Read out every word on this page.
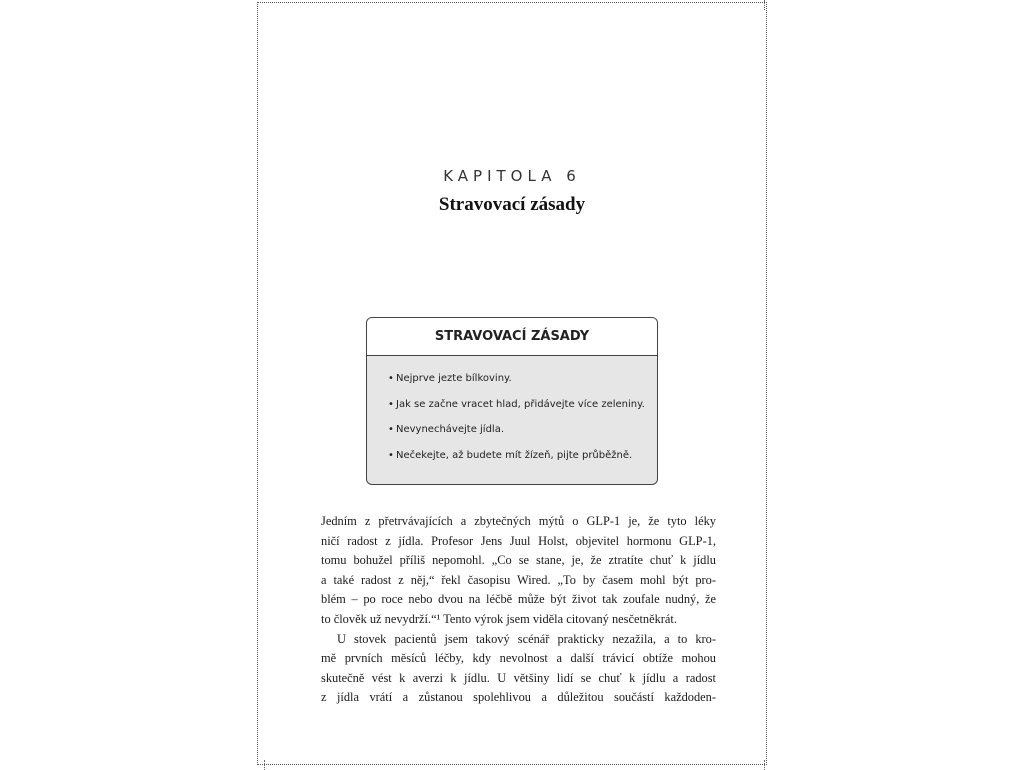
KAPITOLA 6
Stravovací zásady
STRAVOVACÍ ZÁSADY
• Nejprve jezte bílkoviny.
• Jak se začne vracet hlad, přidávejte více zeleniny.
• Nevynechávejte jídla.
• Nečekejte, až budete mít žízeň, pijte průběžně.
Jedním z přetrvávajících a zbytečných mýtů o GLP-1 je, že tyto léky
ničí radost z jídla. Profesor Jens Juul Holst, objevitel hormonu GLP-1,
tomu bohužel příliš nepomohl. „Co se stane, je, že ztratíte chuť k jídlu
a také radost z něj,“ řekl časopisu Wired. „To by časem mohl být pro-
blém – po roce nebo dvou na léčbě může být život tak zoufale nudný, že
to člověk už nevydrží.“¹ Tento výrok jsem viděla citovaný nesčetněkrát.
U stovek pacientů jsem takový scénář prakticky nezažila, a to kro-
mě prvních měsíců léčby, kdy nevolnost a další trávicí obtíže mohou
skutečně vést k averzi k jídlu. U většiny lidí se chuť k jídlu a radost
z jídla vrátí a zůstanou spolehlivou a důležitou součástí každoden-
